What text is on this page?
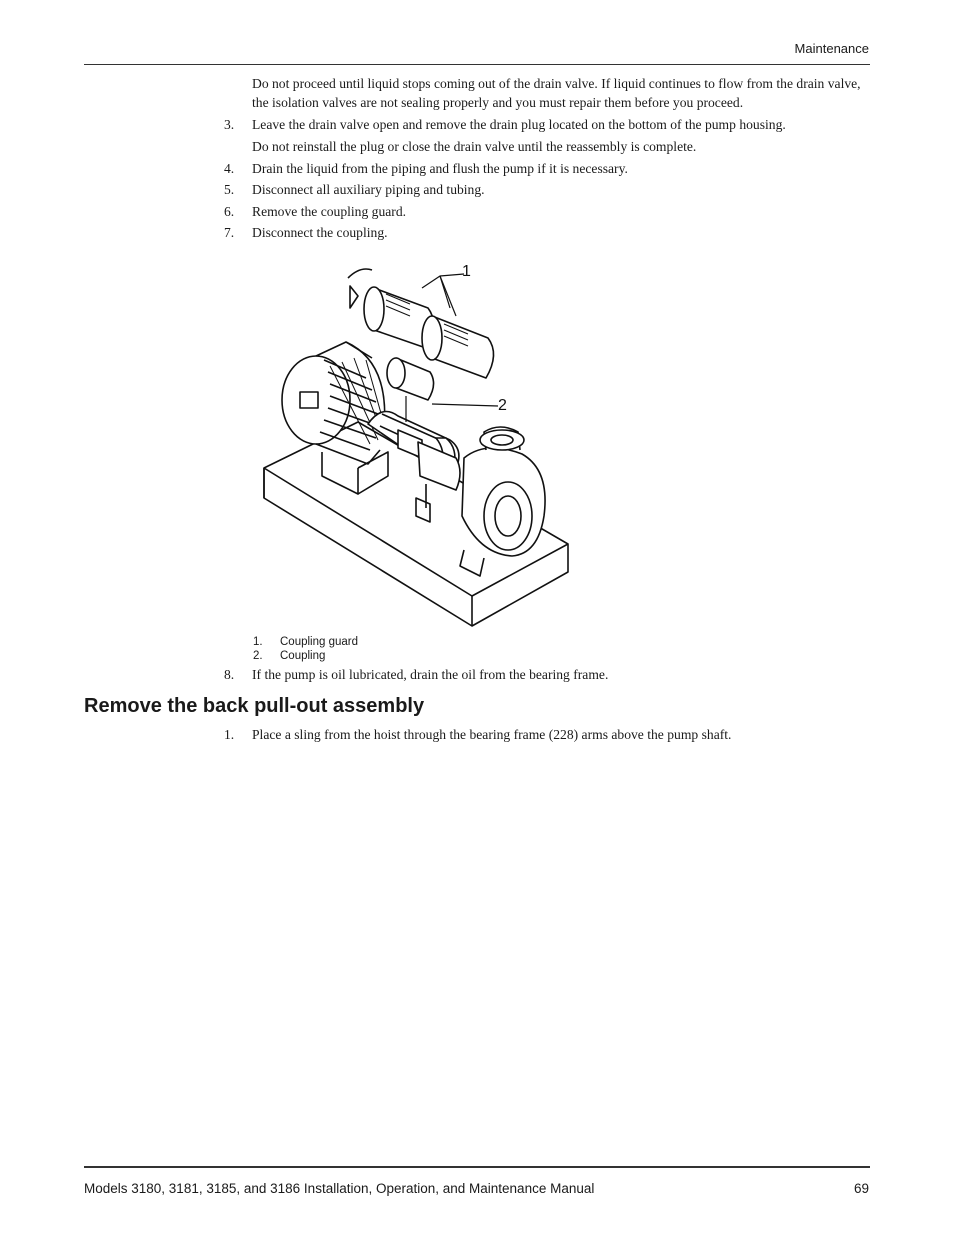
Maintenance

Do not proceed until liquid stops coming out of the drain valve. If liquid continues to flow from the drain valve, the isolation valves are not sealing properly and you must repair them before you proceed.

3.	Leave the drain valve open and remove the drain plug located on the bottom of the pump housing.

Do not reinstall the plug or close the drain valve until the reassembly is complete.

4.	Drain the liquid from the piping and flush the pump if it is necessary.
5.	Disconnect all auxiliary piping and tubing.
6.	Remove the coupling guard.
7.	Disconnect the coupling.
1
2
1.	Coupling guard
2.	Coupling
8.	If the pump is oil lubricated, drain the oil from the bearing frame.
Remove the back pull-out assembly
1.	Place a sling from the hoist through the bearing frame (228) arms above the pump shaft.
Models 3180, 3181, 3185, and 3186 Installation, Operation, and Maintenance Manual	69
